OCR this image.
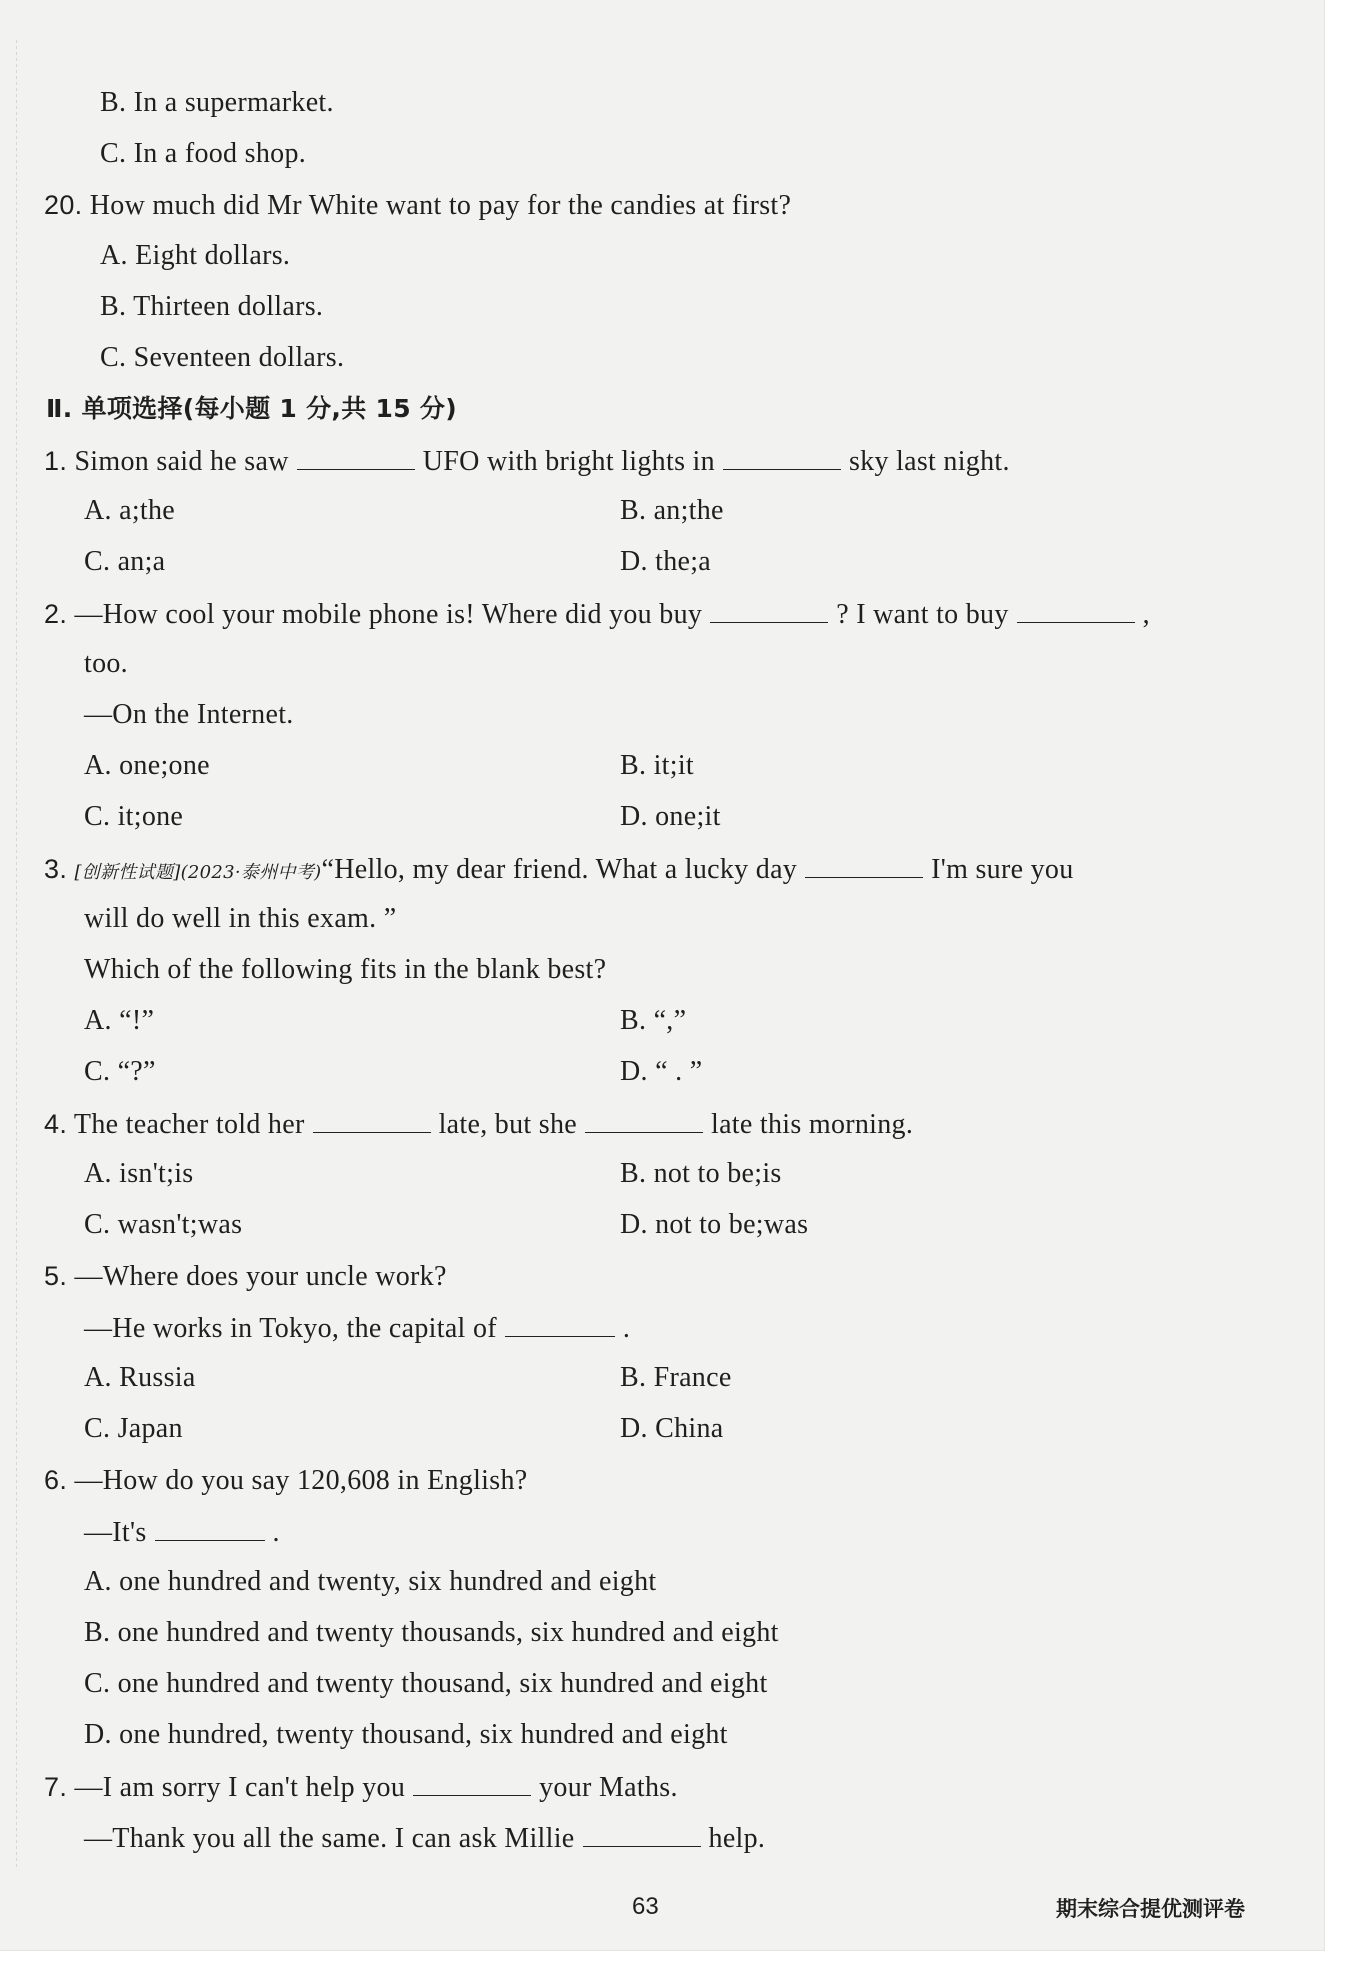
B. In a supermarket.
C. In a food shop.
20. How much did Mr White want to pay for the candies at first?
A. Eight dollars.
B. Thirteen dollars.
C. Seventeen dollars.
Ⅱ. 单项选择(每小题 1 分,共 15 分)
1. Simon said he saw	UFO with bright lights in	sky last night.
A. a;the	B. an;the
C. an;a	D. the;a
2. —How cool your mobile phone is! Where did you buy	? I want to buy	,
too.
—On the Internet.
A. one;one	B. it;it
C. it;one	D. one;it
3. [创新性试题](2023·泰州中考)“Hello, my dear friend. What a lucky day	I'm sure you
will do well in this exam. ”
Which of the following fits in the blank best?
A. “!”	B. “,”
C. “?”	D. “ . ”
4. The teacher told her	late, but she	late this morning.
A. isn't;is	B. not to be;is
C. wasn't;was	D. not to be;was
5. —Where does your uncle work?
—He works in Tokyo, the capital of	.
A. Russia	B. France
C. Japan	D. China
6. —How do you say 120,608 in English?
—It's	.
A. one hundred and twenty, six hundred and eight
B. one hundred and twenty thousands, six hundred and eight
C. one hundred and twenty thousand, six hundred and eight
D. one hundred, twenty thousand, six hundred and eight
7. —I am sorry I can't help you	your Maths.
—Thank you all the same. I can ask Millie	help.
63	期末综合提优测评卷
